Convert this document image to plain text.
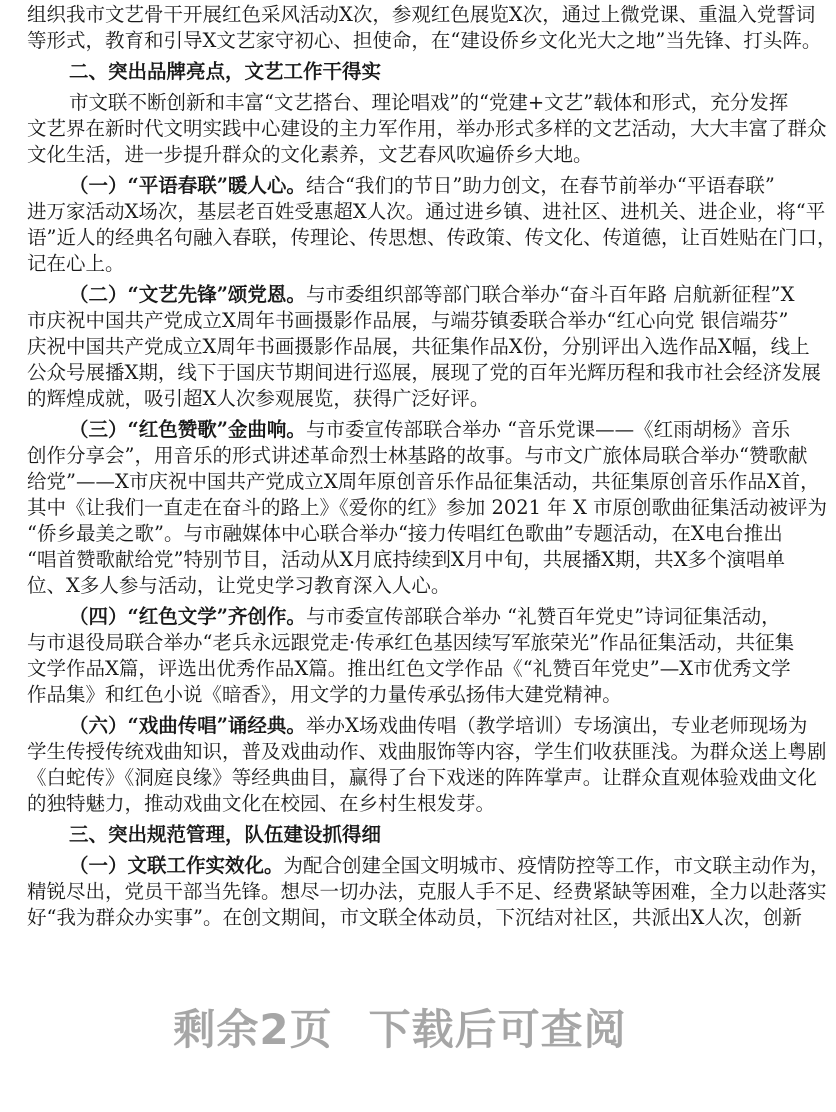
组织我市文艺骨干开展红色采风活动X次，参观红色展览X次，通过上微党课、重温入党誓词
等形式，教育和引导X文艺家守初心、担使命，在“建设侨乡文化光大之地”当先锋、打头阵。
二、突出品牌亮点，文艺工作干得实
市文联不断创新和丰富“文艺搭台、理论唱戏”的“党建+文艺”载体和形式，充分发挥
文艺界在新时代文明实践中心建设的主力军作用，举办形式多样的文艺活动，大大丰富了群众
文化生活，进一步提升群众的文化素养，文艺春风吹遍侨乡大地。
（一）“平语春联”暖人心。结合“我们的节日”助力创文，在春节前举办“平语春联”
进万家活动X场次，基层老百姓受惠超X人次。通过进乡镇、进社区、进机关、进企业，将“平
语”近人的经典名句融入春联，传理论、传思想、传政策、传文化、传道德，让百姓贴在门口，
记在心上。
（二）“文艺先锋”颂党恩。与市委组织部等部门联合举办“奋斗百年路 启航新征程”X
市庆祝中国共产党成立X周年书画摄影作品展，与端芬镇委联合举办“红心向党 银信端芬”
庆祝中国共产党成立X周年书画摄影作品展，共征集作品X份，分别评出入选作品X幅，线上
公众号展播X期，线下于国庆节期间进行巡展，展现了党的百年光辉历程和我市社会经济发展
的辉煌成就，吸引超X人次参观展览，获得广泛好评。
（三）“红色赞歌”金曲响。与市委宣传部联合举办 “音乐党课——《红雨胡杨》音乐
创作分享会”，用音乐的形式讲述革命烈士林基路的故事。与市文广旅体局联合举办“赞歌献
给党”——X市庆祝中国共产党成立X周年原创音乐作品征集活动，共征集原创音乐作品X首，
其中《让我们一直走在奋斗的路上》《爱你的红》参加 2021 年 X 市原创歌曲征集活动被评为
“侨乡最美之歌”。与市融媒体中心联合举办“接力传唱红色歌曲”专题活动，在X电台推出
“唱首赞歌献给党”特别节目，活动从X月底持续到X月中旬，共展播X期，共X多个演唱单
位、X多人参与活动，让党史学习教育深入人心。
（四）“红色文学”齐创作。与市委宣传部联合举办 “礼赞百年党史”诗词征集活动，
与市退役局联合举办“老兵永远跟党走·传承红色基因续写军旅荣光”作品征集活动，共征集
文学作品X篇，评选出优秀作品X篇。推出红色文学作品《“礼赞百年党史”—X市优秀文学
作品集》和红色小说《暗香》，用文学的力量传承弘扬伟大建党精神。
（六）“戏曲传唱”诵经典。举办X场戏曲传唱（教学培训）专场演出，专业老师现场为
学生传授传统戏曲知识，普及戏曲动作、戏曲服饰等内容，学生们收获匪浅。为群众送上粤剧
《白蛇传》《洞庭良缘》等经典曲目，赢得了台下戏迷的阵阵掌声。让群众直观体验戏曲文化
的独特魅力，推动戏曲文化在校园、在乡村生根发芽。
三、突出规范管理，队伍建设抓得细
（一）文联工作实效化。为配合创建全国文明城市、疫情防控等工作，市文联主动作为，
精锐尽出，党员干部当先锋。想尽一切办法，克服人手不足、经费紧缺等困难，全力以赴落实
好“我为群众办实事”。在创文期间，市文联全体动员，下沉结对社区，共派出X人次，创新
剩余2页 下载后可查阅
